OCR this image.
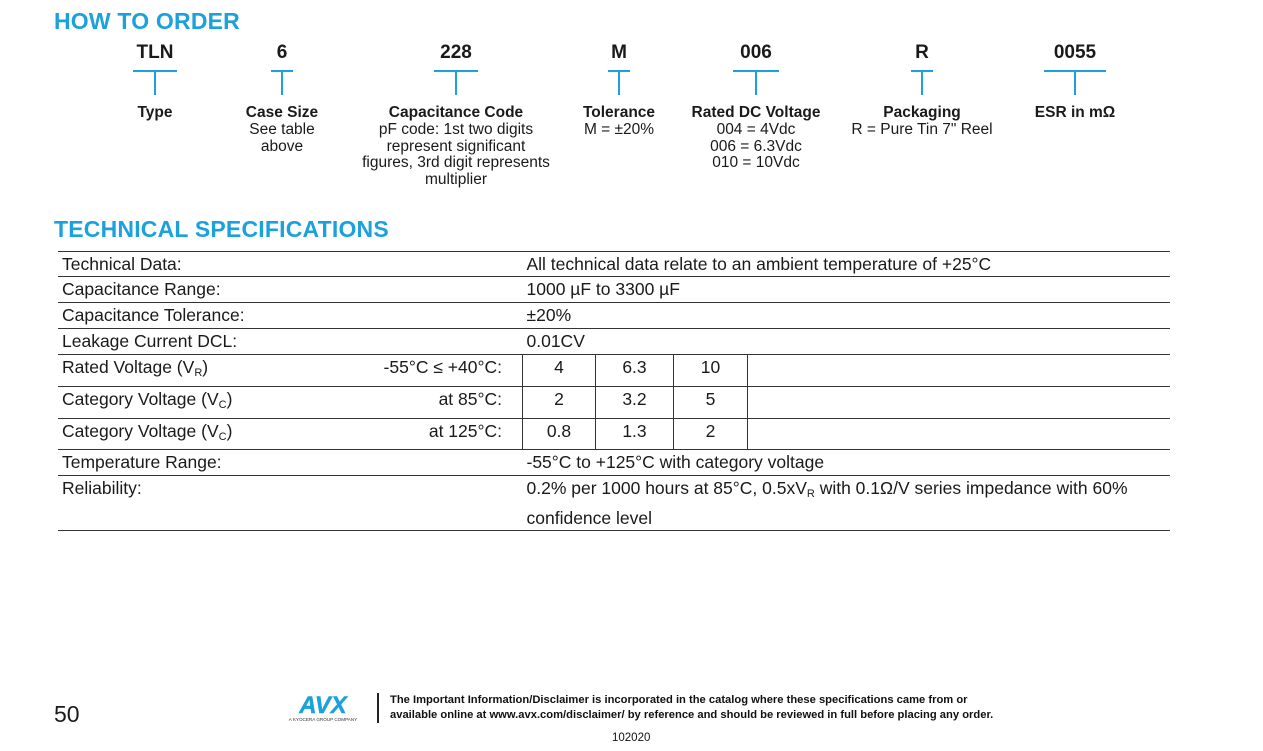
HOW TO ORDER
TLN
Type
6
Case Size
See table
above
228
Capacitance Code
pF code: 1st two digits
represent significant
figures, 3rd digit represents
multiplier
M
Tolerance
M = ±20%
006
Rated DC Voltage
004 = 4Vdc
006 = 6.3Vdc
010 = 10Vdc
R
Packaging
R = Pure Tin 7" Reel
0055
ESR in mΩ
TECHNICAL SPECIFICATIONS
Technical Data:		All technical data relate to an ambient temperature of +25°C			
Capacitance Range:		1000 µF to 3300 µF			
Capacitance Tolerance:		±20%			
Leakage Current DCL:		0.01CV			
Rated Voltage $(V_R)$	-55°C ≤ +40°C:	4	6.3	10	
Category Voltage $(V_C)$	at 85°C:	2	3.2	5	
Category Voltage $(V_C)$	at 125°C:	0.8	1.3	2	
Temperature Range:		-55°C to +125°C with category voltage			
Reliability:		0.2% per 1000 hours at 85°C, $0.5xV_R$ with 0.1Ω/V series impedance with 60%
confidence level			
50	AVX
A KYOCERA GROUP COMPANY
The Important Information/Disclaimer is incorporated in the catalog where these specifications came from or
available online at www.avx.com/disclaimer/ by reference and should be reviewed in full before placing any order.
102020
